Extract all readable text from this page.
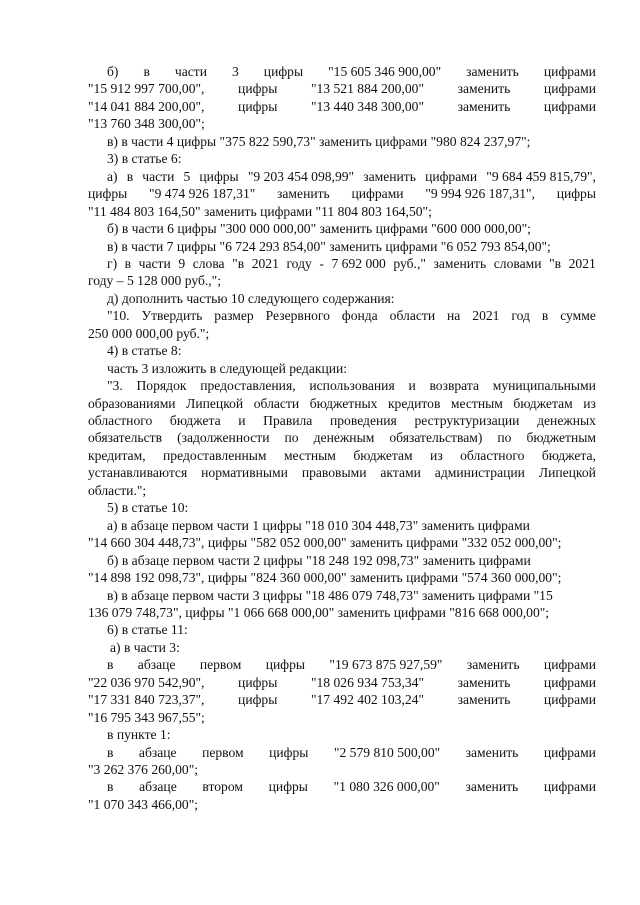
б) в части 3 цифры "15 605 346 900,00" заменить цифрами
"15 912 997 700,00", цифры "13 521 884 200,00" заменить цифрами
"14 041 884 200,00", цифры "13 440 348 300,00" заменить цифрами
"13 760 348 300,00";
в) в части 4 цифры "375 822 590,73" заменить цифрами "980 824 237,97";
3) в статье 6:
а) в части 5 цифры "9 203 454 098,99" заменить цифрами "9 684 459 815,79",
цифры "9 474 926 187,31" заменить цифрами "9 994 926 187,31", цифры
"11 484 803 164,50" заменить цифрами "11 804 803 164,50";
б) в части 6 цифры "300 000 000,00" заменить цифрами "600 000 000,00";
в) в части 7 цифры "6 724 293 854,00" заменить цифрами "6 052 793 854,00";
г) в части 9 слова "в 2021 году - 7 692 000 руб.," заменить словами "в 2021
году – 5 128 000 руб.,";
д) дополнить частью 10 следующего содержания:
"10. Утвердить размер Резервного фонда области на 2021 год в сумме
250 000 000,00 руб.";
4) в статье 8:
часть 3 изложить в следующей редакции:
"3. Порядок предоставления, использования и возврата муниципальными
образованиями Липецкой области бюджетных кредитов местным бюджетам из
областного бюджета и Правила проведения реструктуризации денежных
обязательств (задолженности по денежным обязательствам) по бюджетным
кредитам, предоставленным местным бюджетам из областного бюджета,
устанавливаются нормативными правовыми актами администрации Липецкой
области.";
5) в статье 10:
а) в абзаце первом части 1 цифры "18 010 304 448,73" заменить цифрами
"14 660 304 448,73", цифры "582 052 000,00" заменить цифрами "332 052 000,00";
б) в абзаце первом части 2 цифры "18 248 192 098,73" заменить цифрами
"14 898 192 098,73", цифры "824 360 000,00" заменить цифрами "574 360 000,00";
в) в абзаце первом части 3 цифры "18 486 079 748,73" заменить цифрами "15
136 079 748,73", цифры "1 066 668 000,00" заменить цифрами "816 668 000,00";
6) в статье 11:
а) в части 3:
в абзаце первом цифры "19 673 875 927,59" заменить цифрами
"22 036 970 542,90", цифры "18 026 934 753,34" заменить цифрами
"17 331 840 723,37", цифры "17 492 402 103,24" заменить цифрами
"16 795 343 967,55";
в пункте 1:
в абзаце первом цифры "2 579 810 500,00" заменить цифрами
"3 262 376 260,00";
в абзаце втором цифры "1 080 326 000,00" заменить цифрами
"1 070 343 466,00";
